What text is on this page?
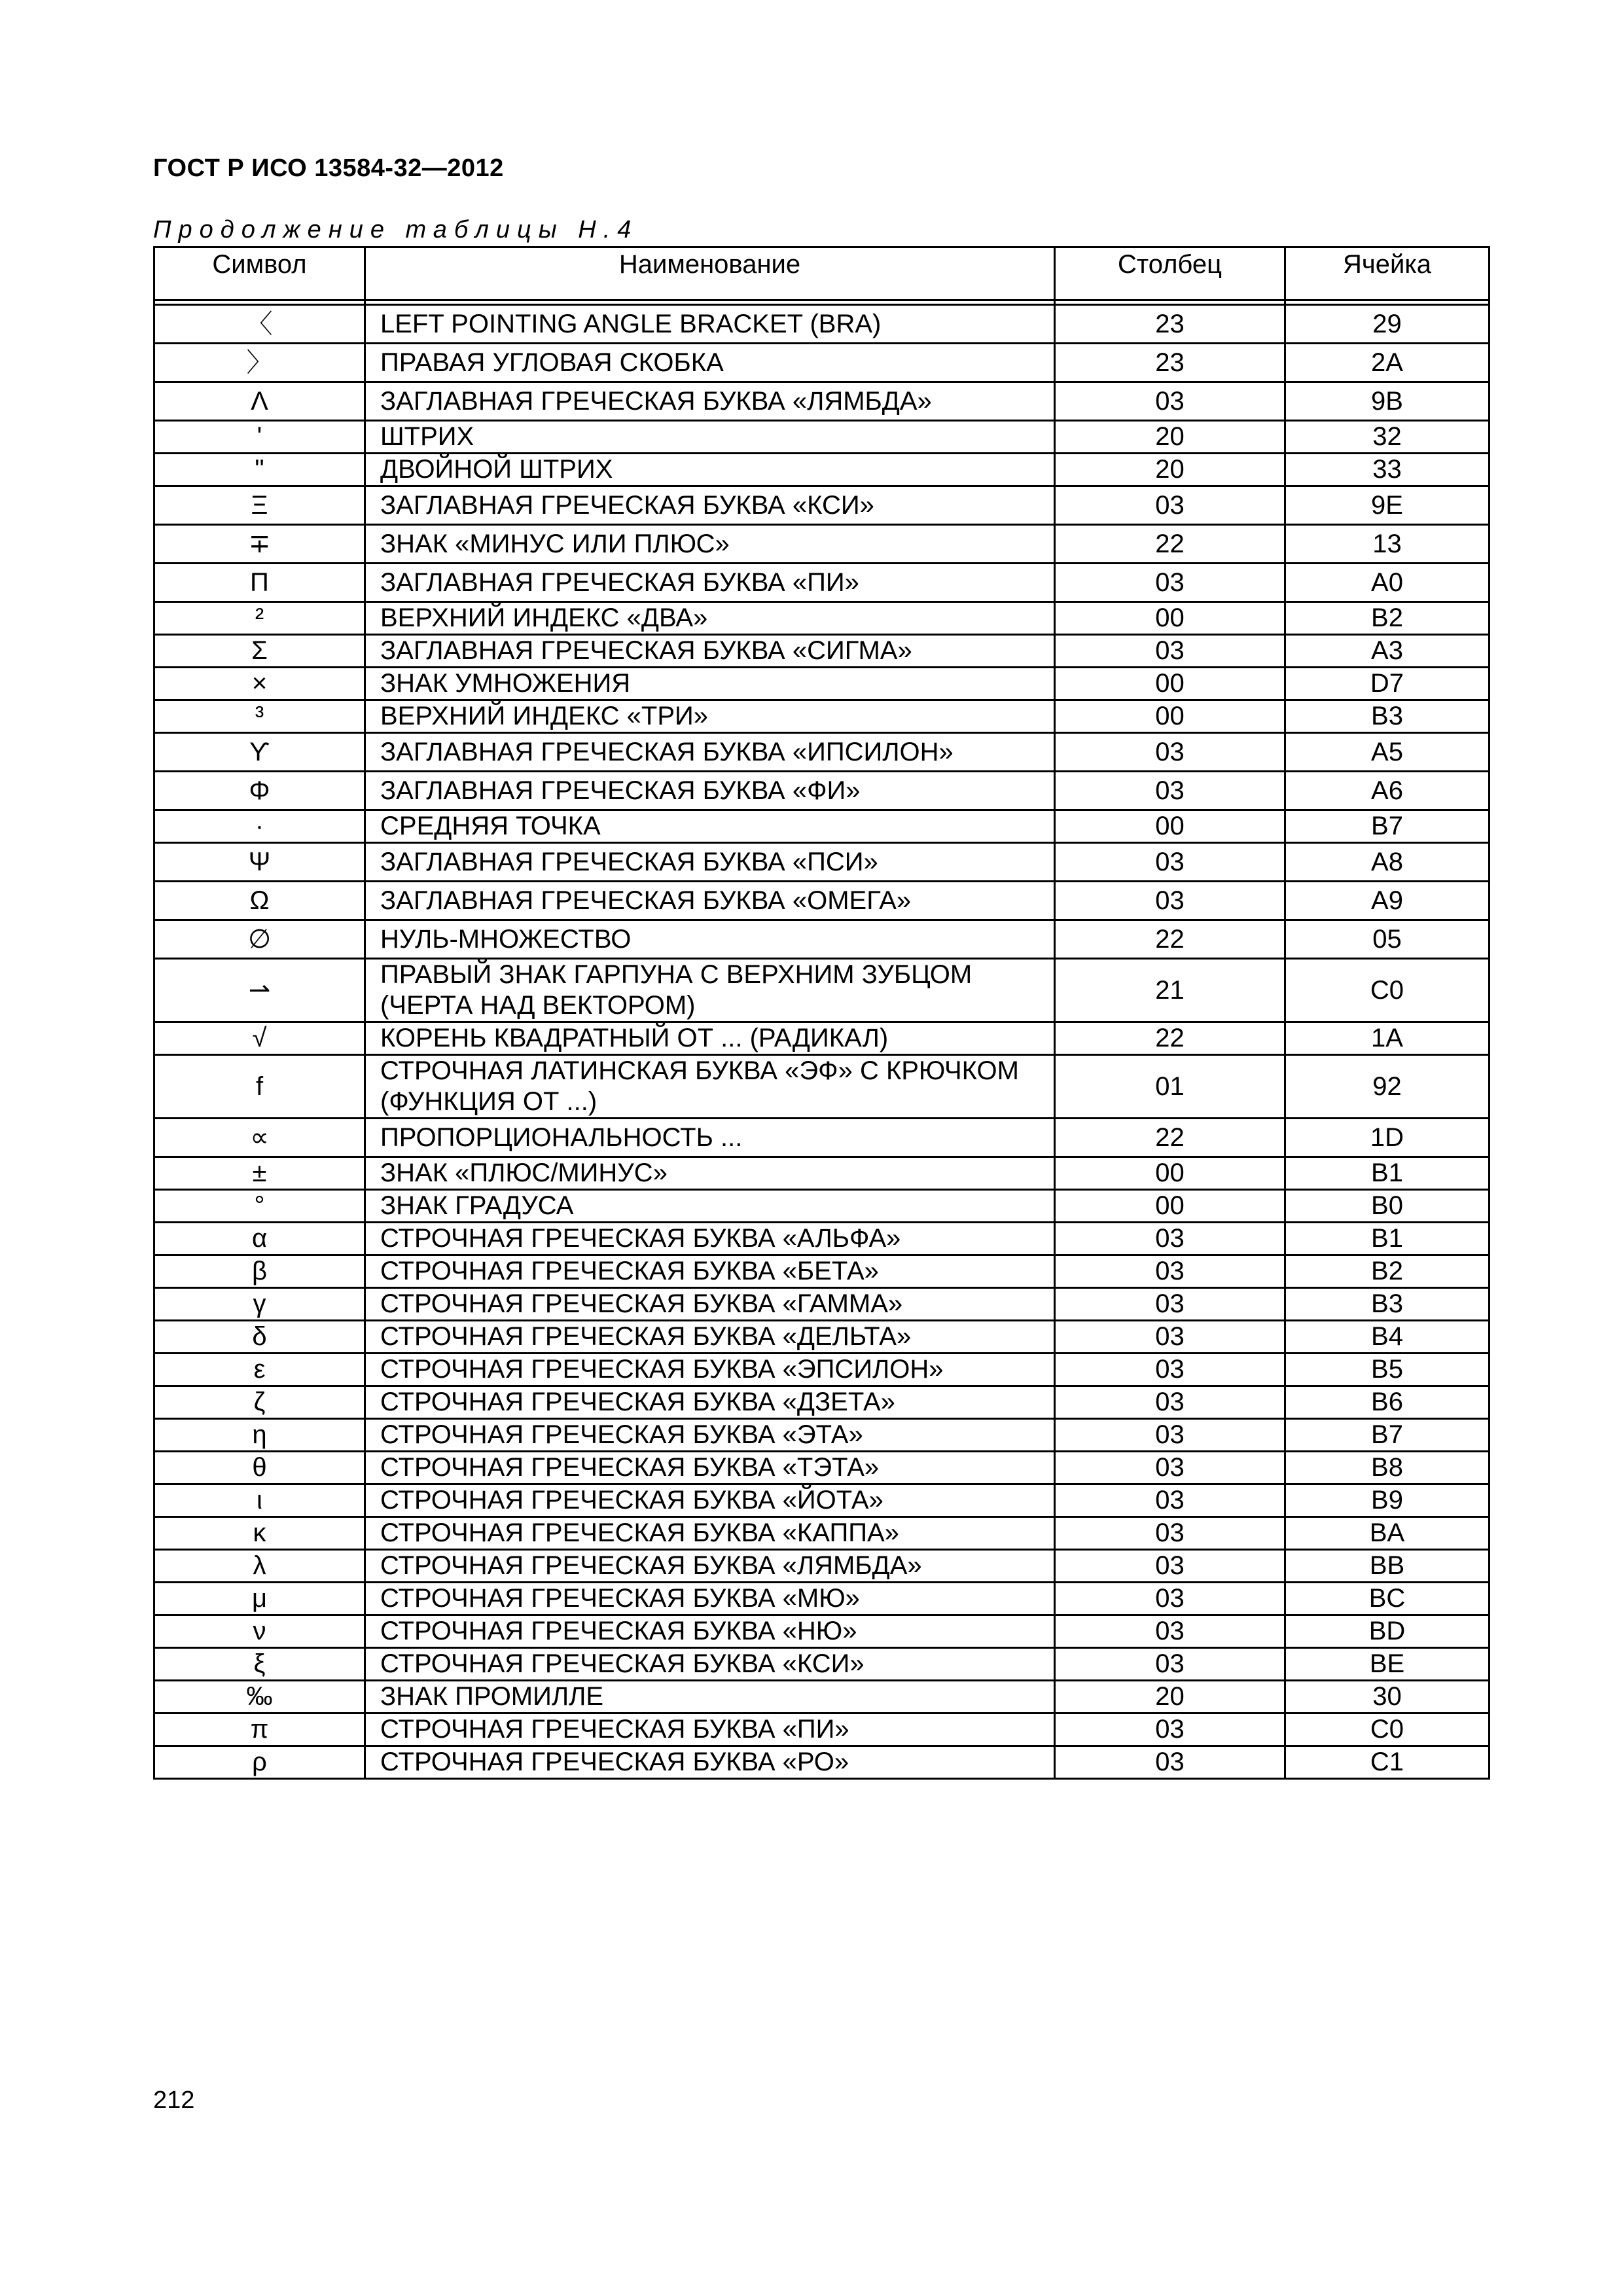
ГОСТ Р ИСО 13584-32—2012
Продолжение таблицы Н.4
Символ	Наименование	Столбец	Ячейка

〈	LEFT POINTING ANGLE BRACKET (BRA)	23	29
〉	ПРАВАЯ УГЛОВАЯ СКОБКА	23	2A
Λ	ЗАГЛАВНАЯ ГРЕЧЕСКАЯ БУКВА «ЛЯМБДА»	03	9B
'	ШТРИХ	20	32
"	ДВОЙНОЙ ШТРИХ	20	33
Ξ	ЗАГЛАВНАЯ ГРЕЧЕСКАЯ БУКВА «КСИ»	03	9E
∓	ЗНАК «МИНУС ИЛИ ПЛЮС»	22	13
Π	ЗАГЛАВНАЯ ГРЕЧЕСКАЯ БУКВА «ПИ»	03	A0
²	ВЕРХНИЙ ИНДЕКС «ДВА»	00	B2
Σ	ЗАГЛАВНАЯ ГРЕЧЕСКАЯ БУКВА «СИГМА»	03	A3
×	ЗНАК УМНОЖЕНИЯ	00	D7
³	ВЕРХНИЙ ИНДЕКС «ТРИ»	00	B3
ϒ	ЗАГЛАВНАЯ ГРЕЧЕСКАЯ БУКВА «ИПСИЛОН»	03	A5
Φ	ЗАГЛАВНАЯ ГРЕЧЕСКАЯ БУКВА «ФИ»	03	A6
·	СРЕДНЯЯ ТОЧКА	00	B7
Ψ	ЗАГЛАВНАЯ ГРЕЧЕСКАЯ БУКВА «ПСИ»	03	A8
Ω	ЗАГЛАВНАЯ ГРЕЧЕСКАЯ БУКВА «ОМЕГА»	03	A9
∅	НУЛЬ-МНОЖЕСТВО	22	05
⇀	ПРАВЫЙ ЗНАК ГАРПУНА С ВЕРХНИМ ЗУБЦОМ (ЧЕРТА НАД ВЕКТОРОМ)	21	C0
√	КОРЕНЬ КВАДРАТНЫЙ ОТ ... (РАДИКАЛ)	22	1A
f	СТРОЧНАЯ ЛАТИНСКАЯ БУКВА «ЭФ» С КРЮЧКОМ (ФУНКЦИЯ ОТ ...)	01	92
∝	ПРОПОРЦИОНАЛЬНОСТЬ ...	22	1D
±	ЗНАК «ПЛЮС/МИНУС»	00	B1
°	ЗНАК ГРАДУСА	00	B0
α	СТРОЧНАЯ ГРЕЧЕСКАЯ БУКВА «АЛЬФА»	03	B1
β	СТРОЧНАЯ ГРЕЧЕСКАЯ БУКВА «БЕТА»	03	B2
γ	СТРОЧНАЯ ГРЕЧЕСКАЯ БУКВА «ГАММА»	03	B3
δ	СТРОЧНАЯ ГРЕЧЕСКАЯ БУКВА «ДЕЛЬТА»	03	B4
ε	СТРОЧНАЯ ГРЕЧЕСКАЯ БУКВА «ЭПСИЛОН»	03	B5
ζ	СТРОЧНАЯ ГРЕЧЕСКАЯ БУКВА «ДЗЕТА»	03	B6
η	СТРОЧНАЯ ГРЕЧЕСКАЯ БУКВА «ЭТА»	03	B7
θ	СТРОЧНАЯ ГРЕЧЕСКАЯ БУКВА «ТЭТА»	03	B8
ι	СТРОЧНАЯ ГРЕЧЕСКАЯ БУКВА «ЙОТА»	03	B9
κ	СТРОЧНАЯ ГРЕЧЕСКАЯ БУКВА «КАППА»	03	BA
λ	СТРОЧНАЯ ГРЕЧЕСКАЯ БУКВА «ЛЯМБДА»	03	BB
μ	СТРОЧНАЯ ГРЕЧЕСКАЯ БУКВА «МЮ»	03	BC
ν	СТРОЧНАЯ ГРЕЧЕСКАЯ БУКВА «НЮ»	03	BD
ξ	СТРОЧНАЯ ГРЕЧЕСКАЯ БУКВА «КСИ»	03	BE
‰	ЗНАК ПРОМИЛЛЕ	20	30
π	СТРОЧНАЯ ГРЕЧЕСКАЯ БУКВА «ПИ»	03	C0
ρ	СТРОЧНАЯ ГРЕЧЕСКАЯ БУКВА «РО»	03	C1
212
